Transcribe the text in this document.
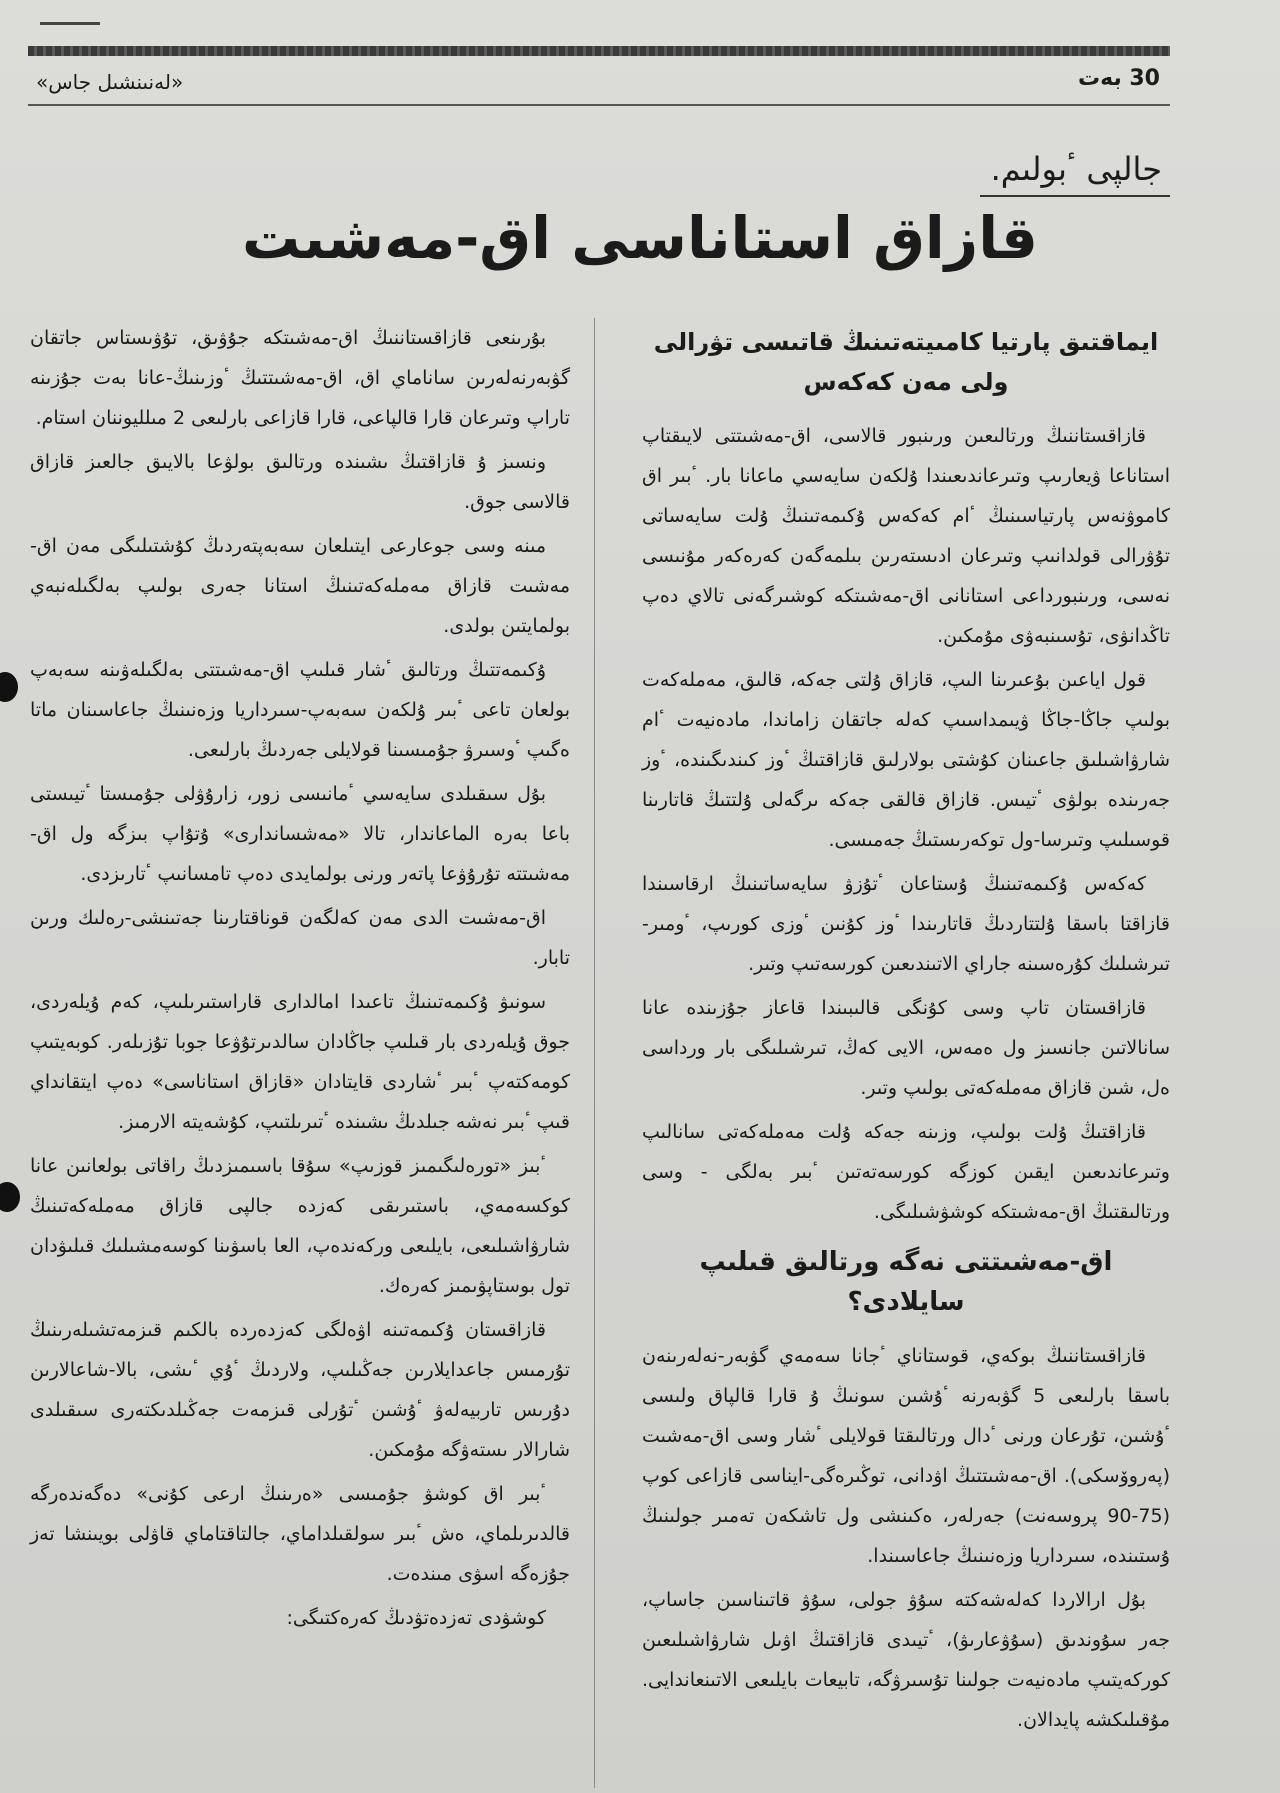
30 بەت
«لەنىنشىل جاس»
جالپى ٴبولىم.
قازاق استاناسى اق-مەشىت
ايماقتىق پارتيا كامىيتەتىنىڭ قاتىسى تۋرالى ولى مەن كەكەس

قازاقستاننىڭ ورتالىعىن ورىنبور قالاسى، اق-مەشىتتى لايىقتاپ استاناعا ۋيعارىپ وتىرعاندىعىندا ۇلكەن سايەسي ماعانا بار. ٴبىر اق كاموۋنەس پارتياسىنىڭ ٴام كەكەس ۇكىمەتىنىڭ ۇلت سايەساتى تۇۋرالى قولدانىپ وتىرعان ادىستەرىن بىلمەگەن كەرەكەر مۇنىسى نەسى، ورىنبورداعى استانانى اق-مەشىتكە كوشىرگەنى تالاي دەپ تاڭدانۋى، تۇسىنبەۋى مۇمكىن.

قول اياعىن بۇعىرىنا الىپ، قازاق ۇلتى جەكە، قالىق، مەملەكەت بولىپ جاڭا-جاڭا ۋيىمداسىپ كەلە جاتقان زاماندا، مادەنيەت ٴام شارۋاشىلىق جاعىنان كۇشتى بولارلىق قازاقتىڭ ٴوز كىندىگىندە، ٴوز جەرىندە بولۋى ٴتيىس. قازاق قالقى جەكە ىرگەلى ۇلتتىڭ قاتارىنا قوسىلىپ وتىرسا-ول توكەرىستىڭ جەمىسى.

كەكەس ۇكىمەتىنىڭ ۇستاعان ٴتۇزۋ سايەساتىنىڭ ارقاسىندا قازاقتا باسقا ۇلتتاردىڭ قاتارىندا ٴوز كۇنىن ٴوزى كورىپ، ٴومىر-تىرشىلىك كۇرەسىنە جاراي الاتىندىعىن كورسەتىپ وتىر.

قازاقستان تاپ وسى كۇنگى قالىبىندا قاعاز جۇزىندە عانا سانالاتىن جانسىز ول ەمەس، الايى كەڭ، تىرشىلىگى بار ورداسى ەل، شىن قازاق مەملەكەتى بولىپ وتىر.

قازاقتىڭ ۇلت بولىپ، وزىنە جەكە ۇلت مەملەكەتى سانالىپ وتىرعاندىعىن ايقىن كوزگە كورسەتەتىن ٴبىر بەلگى - وسى ورتالىقتىڭ اق-مەشىتكە كوشۋشىلىگى.

اق-مەشىتتى نەگە ورتالىق قىلىپ سايلادى؟

قازاقستاننىڭ بوكەي، قوستاناي ٴجانا سەمەي گۋبەر-نەلەرىنەن باسقا بارلىعى 5 گۋبەرنە ٴۇشىن سونىڭ ۇ قارا قالپاق ولىسى ٴۇشىن، تۇرعان ورنى ٴدال ورتالىقتا قولايلى ٴشار وسى اق-مەشىت (پەروۆسكى). اق-مەشىتتىڭ اۋدانى، توڭىرەگى-ايناسى قازاعى كوپ (75-90 پروسەنت) جەرلەر، ەكىنشى ول تاشكەن تەمىر جولىنىڭ ۇستىندە، سىرداريا وزەنىنىڭ جاعاسىندا.

بۇل ارالاردا كەلەشەكتە سۇۋ جولى، سۇۋ قاتىناسىن جاساپ، جەر سۇوندىق (سۇۋعارىۋ)، ٴتيىدى قازاقتىڭ اۋىل شارۋاشىلىعىن كوركەيتىپ مادەنيەت جولىنا تۇسىرۋگە، تابيعات بايلىعى الاتىنعاندايى. مۇقىلىكشە پايدالان.

بۇرىنعى قازاقستاننىڭ اق-مەشىتكە جۇۋىق، تۇۋىستاس جاتقان گۋبەرنەلەرىن ساناماي اق، اق-مەشىتتىڭ ٴوزىنىڭ-عانا بەت جۇزىنە تاراپ وتىرعان قارا قالپاعى، قارا قازاعى بارلىعى 2 مىلليوننان استام.

ونسىز ۇ قازاقتىڭ ىشىندە ورتالىق بولۋعا بالايىق جالعىز قازاق قالاسى جوق.

مىنە وسى جوعارعى ايتىلعان سەبەپتەردىڭ كۇشتىلىگى مەن اق-مەشىت قازاق مەملەكەتىنىڭ استانا جەرى بولىپ بەلگىلەنبەي بولمايتىن بولدى.

ۇكىمەتتىڭ ورتالىق ٴشار قىلىپ اق-مەشىتتى بەلگىلەۋىنە سەبەپ بولعان تاعى ٴبىر ۇلكەن سەبەپ-سىرداريا وزەنىنىڭ جاعاسىنان ماتا ەگىپ ٴوسىرۋ جۇمىسىنا قولايلى جەردىڭ بارلىعى.

بۇل سىقىلدى سايەسي ٴمانىسى زور، زارۇۋلى جۇمىستا ٴتيىستى باعا بەرە الماعاندار، تالا «مەشساندارى» ۇتۇاپ بىزگە ول اق-مەشىتتە تۇرۇۋعا پاتەر ورنى بولمايدى دەپ تامسانىپ ٴتارىزدى.

اق-مەشىت الدى مەن كەلگەن قوناقتارىنا جەتىنشى-رەلىك ورىن تابار.

سونىۋ ۇكىمەتىنىڭ تاعىدا امالدارى قاراستىرىلىپ، كەم ۇيلەردى، جوق ۇيلەردى بار قىلىپ جاڭادان سالدىرتۇۋعا جوبا تۇزىلەر. كوبەيتىپ كومەكتەپ ٴبىر ٴشاردى قايتادان «قازاق استاناسى» دەپ ايتقانداي قىپ ٴبىر نەشە جىلدىڭ ىشىندە ٴتىرىلتىپ، كۇشەيتە الارمىز.

ٴبىز «تورەلىگىمىز قوزىپ» سۇقا باسىمىزدىڭ راقاتى بولعانىن عانا كوكسەمەي، باستىرىقى كەزدە جالپى قازاق مەملەكەتىنىڭ شارۋاشىلىعى، بايلىعى وركەندەپ، العا باسۋىنا كوسەمشىلىك قىلىۋدان تول بوستاپۋىمىز كەرەك.

قازاقستان ۇكىمەتىنە اۋەلگى كەزدەردە بالكىم قىزمەتشىلەرىنىڭ تۇرمىس جاعدايلارىن جەڭىلىپ، ولاردىڭ ٴۇي ٴىشى، بالا-شاعالارىن دۇرىس تاربيەلەۋ ٴۇشىن ٴتۇرلى قىزمەت جەڭىلدىكتەرى سىقىلدى شارالار ىستەۋگە مۇمكىن.

ٴبىر اق كوشۋ جۇمىسى «ەرىنىڭ ارعى كۇنى» دەگەندەرگە قالدىرىلماي، ەش ٴبىر سولقىلداماي، جالتاقتاماي قاۋلى بويىنشا تەز جۇزەگە اسۋى مىندەت.

كوشۋدى تەزدەتۋدىڭ كەرەكتىگى:
